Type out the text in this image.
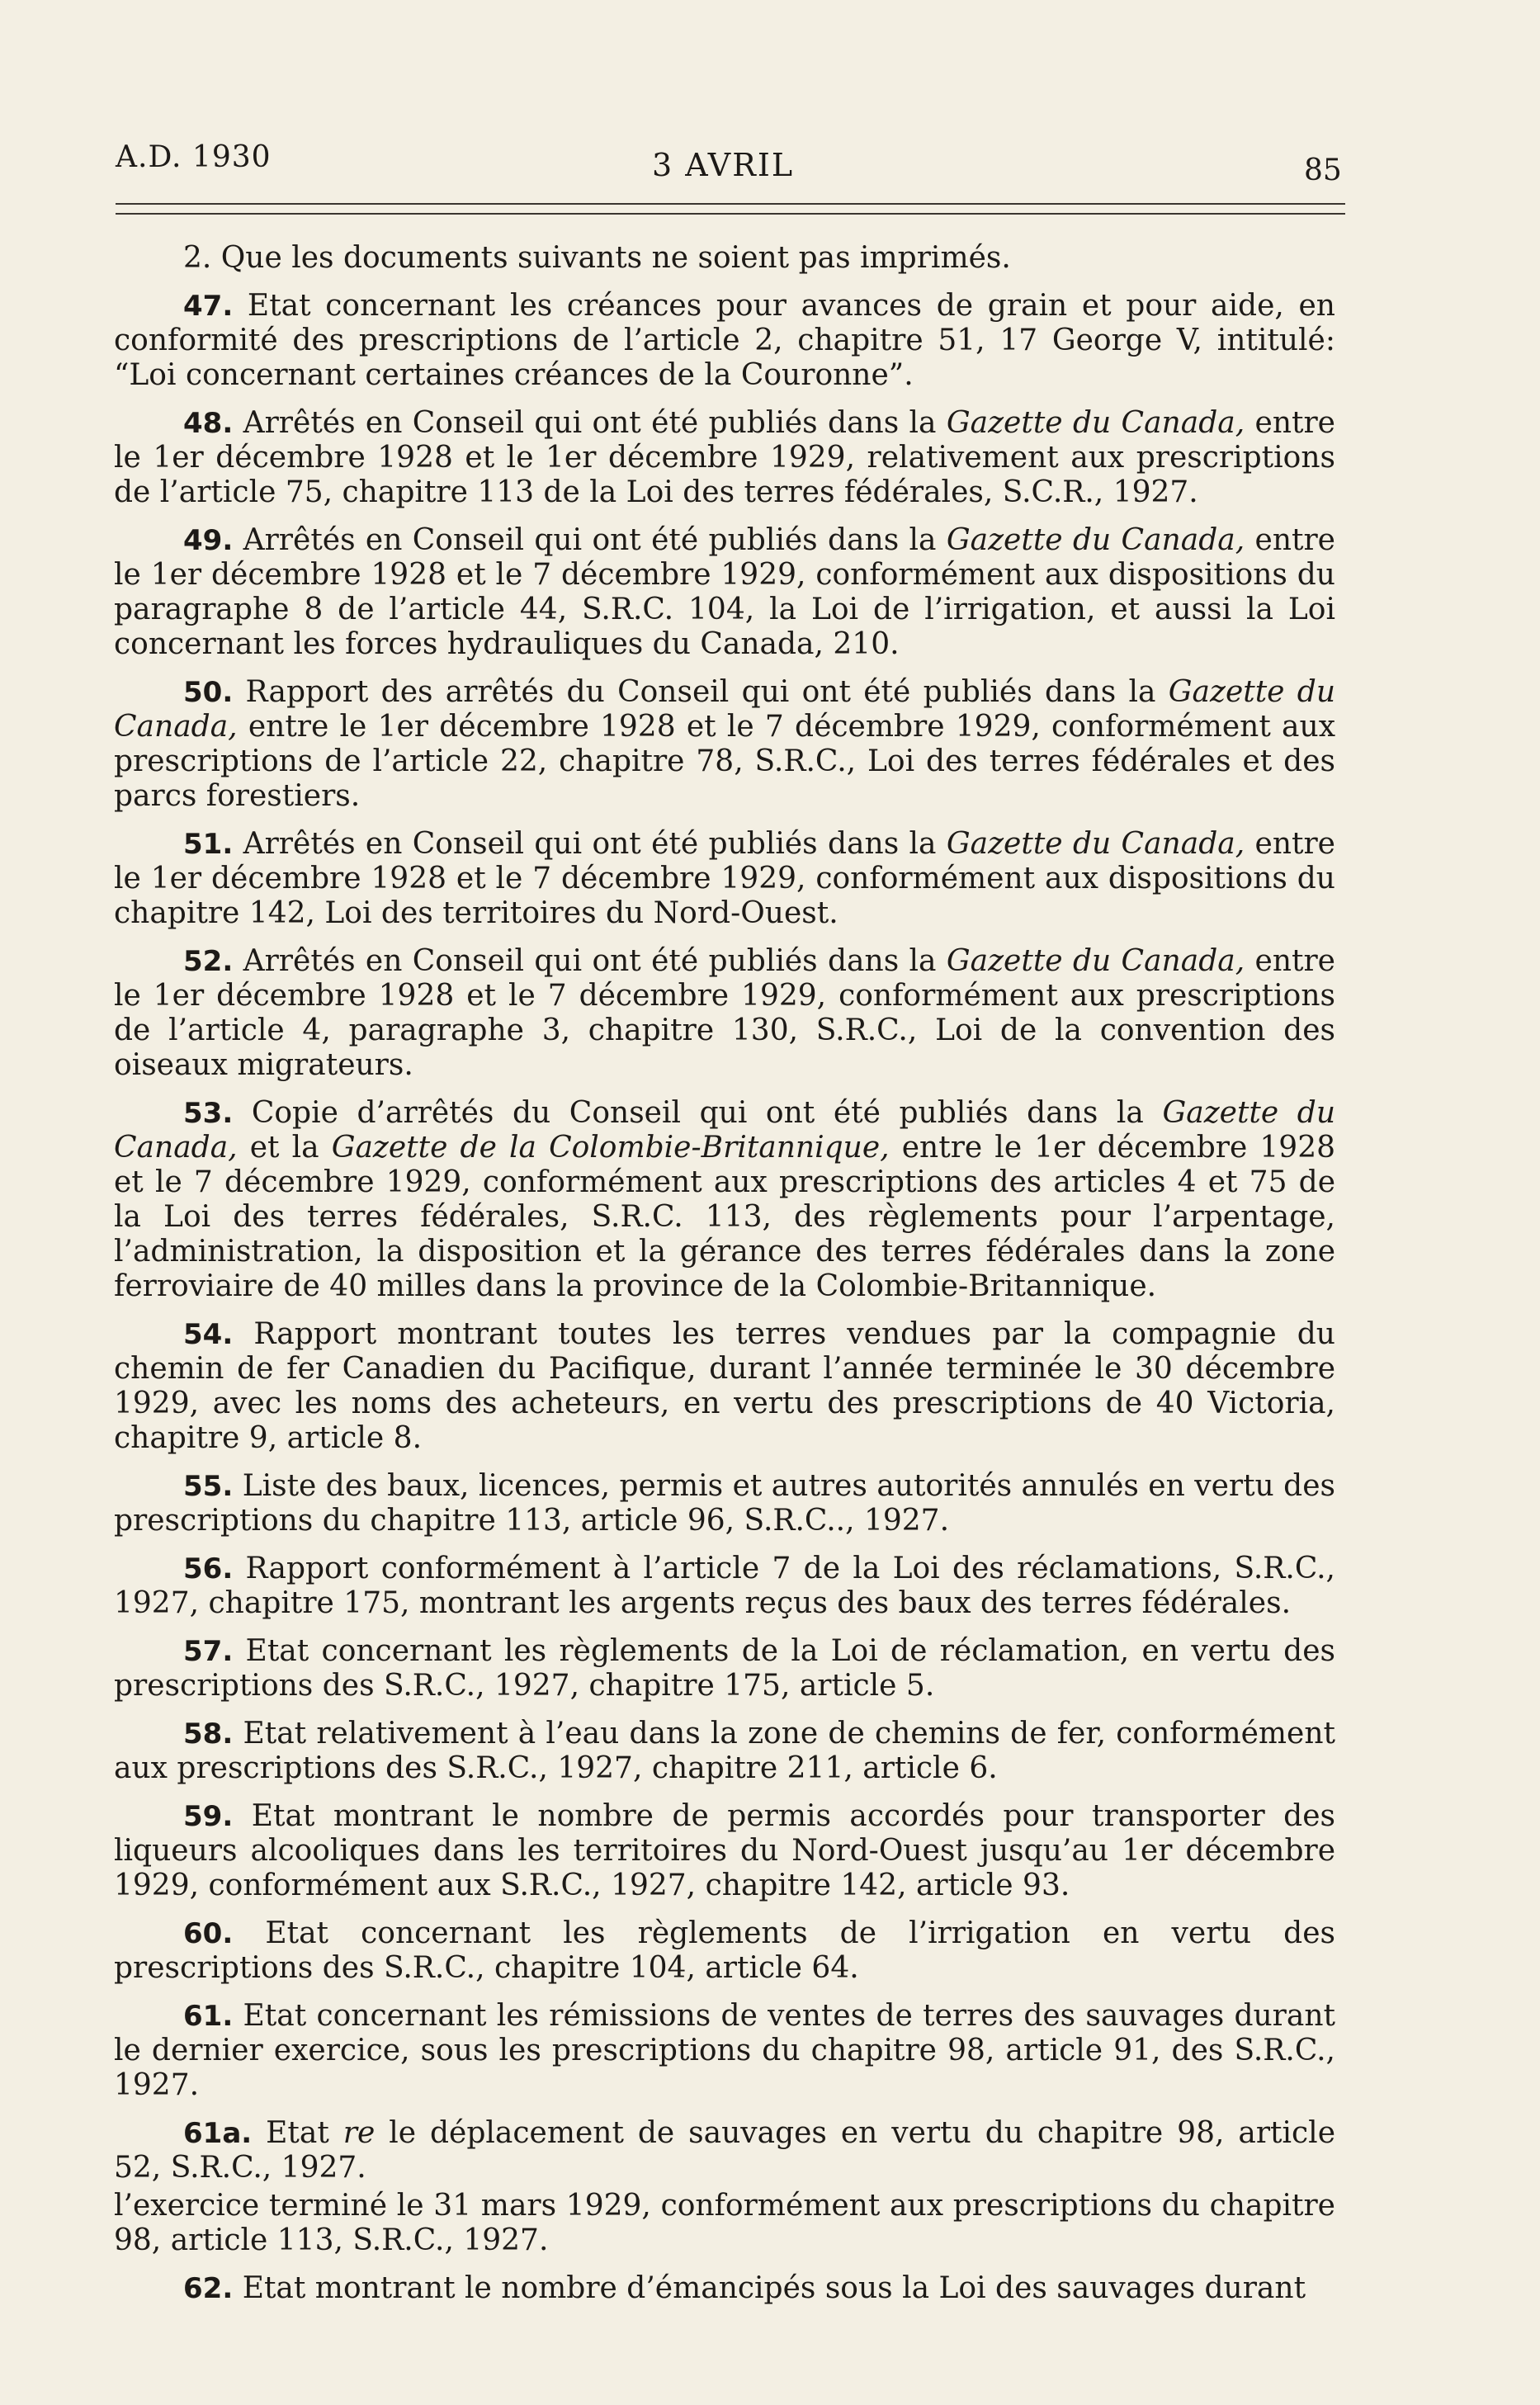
A.D. 1930	3 AVRIL	85

2. Que les documents suivants ne soient pas imprimés.

47. Etat concernant les créances pour avances de grain et pour aide, en conformité des prescriptions de l’article 2, chapitre 51, 17 George V, intitulé: “Loi concernant certaines créances de la Couronne”.

48. Arrêtés en Conseil qui ont été publiés dans la Gazette du Canada, entre le 1er décembre 1928 et le 1er décembre 1929, relativement aux prescriptions de l’article 75, chapitre 113 de la Loi des terres fédérales, S.C.R., 1927.

49. Arrêtés en Conseil qui ont été publiés dans la Gazette du Canada, entre le 1er décembre 1928 et le 7 décembre 1929, conformément aux dispositions du paragraphe 8 de l’article 44, S.R.C. 104, la Loi de l’irrigation, et aussi la Loi concernant les forces hydrauliques du Canada, 210.

50. Rapport des arrêtés du Conseil qui ont été publiés dans la Gazette du Canada, entre le 1er décembre 1928 et le 7 décembre 1929, conformément aux prescriptions de l’article 22, chapitre 78, S.R.C., Loi des terres fédérales et des parcs forestiers.

51. Arrêtés en Conseil qui ont été publiés dans la Gazette du Canada, entre le 1er décembre 1928 et le 7 décembre 1929, conformément aux dispositions du chapitre 142, Loi des territoires du Nord-Ouest.

52. Arrêtés en Conseil qui ont été publiés dans la Gazette du Canada, entre le 1er décembre 1928 et le 7 décembre 1929, conformément aux prescriptions de l’article 4, paragraphe 3, chapitre 130, S.R.C., Loi de la convention des oiseaux migrateurs.

53. Copie d’arrêtés du Conseil qui ont été publiés dans la Gazette du Canada, et la Gazette de la Colombie-Britannique, entre le 1er décembre 1928 et le 7 décembre 1929, conformément aux prescriptions des articles 4 et 75 de la Loi des terres fédérales, S.R.C. 113, des règlements pour l’arpentage, l’administration, la disposition et la gérance des terres fédérales dans la zone ferroviaire de 40 milles dans la province de la Colombie-Britannique.

54. Rapport montrant toutes les terres vendues par la compagnie du chemin de fer Canadien du Pacifique, durant l’année terminée le 30 décembre 1929, avec les noms des acheteurs, en vertu des prescriptions de 40 Victoria, chapitre 9, article 8.

55. Liste des baux, licences, permis et autres autorités annulés en vertu des prescriptions du chapitre 113, article 96, S.R.C.., 1927.

56. Rapport conformément à l’article 7 de la Loi des réclamations, S.R.C., 1927, chapitre 175, montrant les argents reçus des baux des terres fédérales.

57. Etat concernant les règlements de la Loi de réclamation, en vertu des prescriptions des S.R.C., 1927, chapitre 175, article 5.

58. Etat relativement à l’eau dans la zone de chemins de fer, conformément aux prescriptions des S.R.C., 1927, chapitre 211, article 6.

59. Etat montrant le nombre de permis accordés pour transporter des liqueurs alcooliques dans les territoires du Nord-Ouest jusqu’au 1er décembre 1929, conformément aux S.R.C., 1927, chapitre 142, article 93.

60. Etat concernant les règlements de l’irrigation en vertu des prescriptions des S.R.C., chapitre 104, article 64.

61. Etat concernant les rémissions de ventes de terres des sauvages durant le dernier exercice, sous les prescriptions du chapitre 98, article 91, des S.R.C., 1927.

61a. Etat re le déplacement de sauvages en vertu du chapitre 98, article 52, S.R.C., 1927.

l’exercice terminé le 31 mars 1929, conformément aux prescriptions du chapitre 98, article 113, S.R.C., 1927.

62. Etat montrant le nombre d’émancipés sous la Loi des sauvages durant
